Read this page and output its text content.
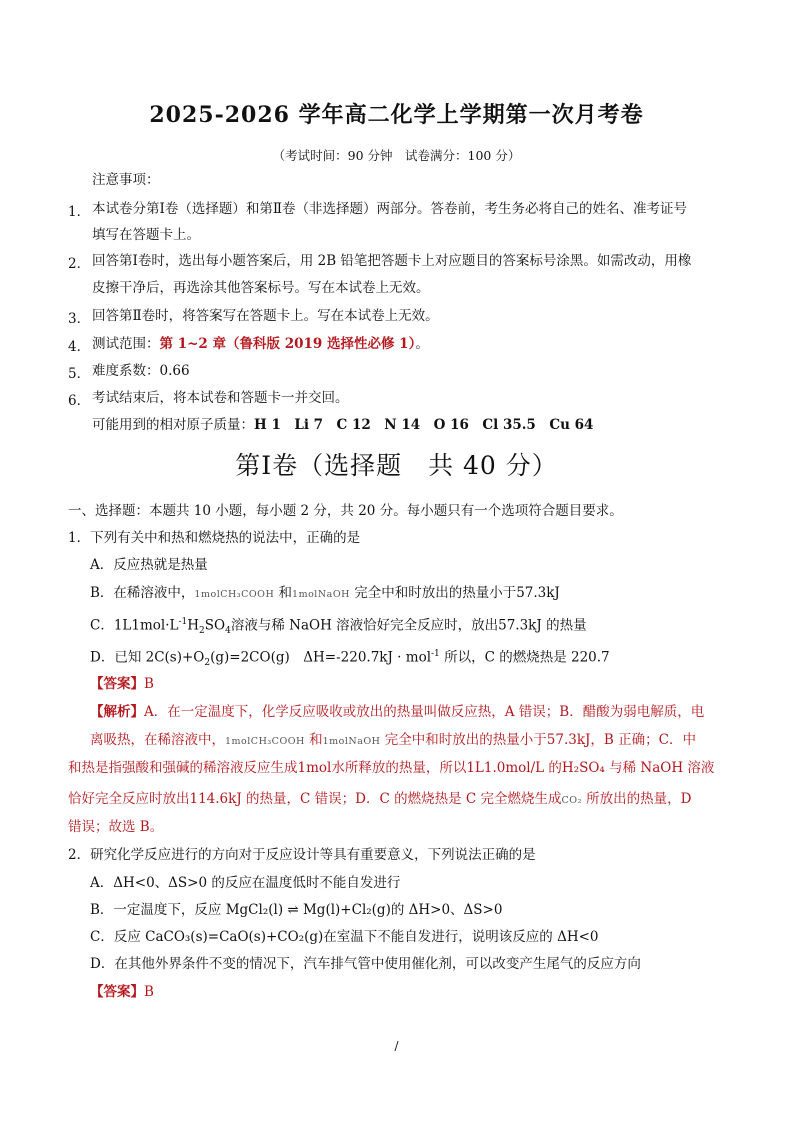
2025-2026 学年高二化学上学期第一次月考卷
（考试时间：90 分钟　试卷满分：100 分）
注意事项：
1． 本试卷分第Ⅰ卷（选择题）和第Ⅱ卷（非选择题）两部分。答卷前，考生务必将自己的姓名、准考证号
填写在答题卡上。
2． 回答第Ⅰ卷时，选出每小题答案后，用 2B 铅笔把答题卡上对应题目的答案标号涂黑。如需改动，用橡
皮擦干净后，再选涂其他答案标号。写在本试卷上无效。
3． 回答第Ⅱ卷时，将答案写在答题卡上。写在本试卷上无效。
4． 测试范围：第 1~2 章（鲁科版 2019 选择性必修 1）。
5． 难度系数：0.66
6． 考试结束后，将本试卷和答题卡一并交回。
可能用到的相对原子质量：H 1　Li 7　C 12　N 14　O 16　Cl 35.5　Cu 64
第Ⅰ卷（选择题　共 40 分）
一、选择题：本题共 10 小题，每小题 2 分，共 20 分。每小题只有一个选项符合题目要求。
1．下列有关中和热和燃烧热的说法中，正确的是
A．反应热就是热量
B．在稀溶液中，1molCH₃COOH 和1molNaOH 完全中和时放出的热量小于57.3kJ
C．$1L1mol\cdot L^{-1}H_2SO_4$溶液与稀 NaOH 溶液恰好完全反应时，放出57.3kJ 的热量
D．已知 $2C(s)+O_2(g)=2CO(g)$　ΔH=-220.7kJ · mol$^{-1}$ 所以，C 的燃烧热是 220.7
【答案】B
【解析】A．在一定温度下，化学反应吸收或放出的热量叫做反应热，A 错误；B．醋酸为弱电解质，电
离吸热，在稀溶液中，1molCH₃COOH 和1molNaOH 完全中和时放出的热量小于57.3kJ，B 正确；C．中
和热是指强酸和强碱的稀溶液反应生成1mol水所释放的热量，所以1L1.0mol/L 的H₂SO₄ 与稀 NaOH 溶液
恰好完全反应时放出114.6kJ 的热量，C 错误；D．C 的燃烧热是 C 完全燃烧生成CO₂ 所放出的热量，D
错误；故选 B。
2．研究化学反应进行的方向对于反应设计等具有重要意义，下列说法正确的是
A．ΔH<0、ΔS>0 的反应在温度低时不能自发进行
B．一定温度下，反应 MgCl₂(l) ⇌ Mg(l)+Cl₂(g)的 ΔH>0、ΔS>0
C．反应 CaCO₃(s)=CaO(s)+CO₂(g)在室温下不能自发进行，说明该反应的 ΔH<0
D．在其他外界条件不变的情况下，汽车排气管中使用催化剂，可以改变产生尾气的反应方向
【答案】B
/
